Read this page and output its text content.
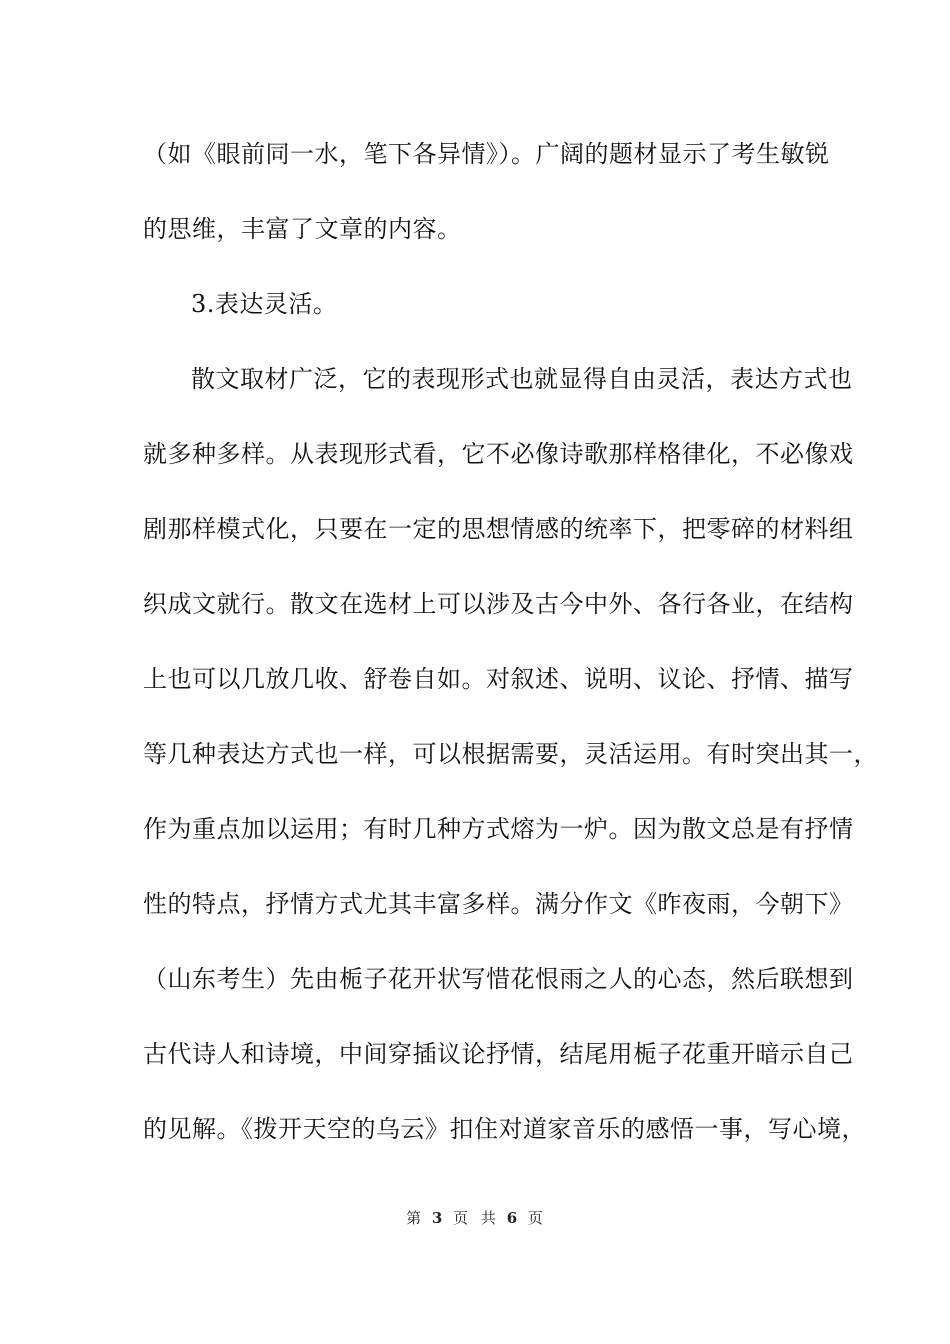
（如《眼前同一水，笔下各异情》）。广阔的题材显示了考生敏锐
的思维，丰富了文章的内容。
3.表达灵活。
散文取材广泛，它的表现形式也就显得自由灵活，表达方式也
就多种多样。从表现形式看，它不必像诗歌那样格律化，不必像戏
剧那样模式化，只要在一定的思想情感的统率下，把零碎的材料组
织成文就行。散文在选材上可以涉及古今中外、各行各业，在结构
上也可以几放几收、舒卷自如。对叙述、说明、议论、抒情、描写
等几种表达方式也一样，可以根据需要，灵活运用。有时突出其一，
作为重点加以运用；有时几种方式熔为一炉。因为散文总是有抒情
性的特点，抒情方式尤其丰富多样。满分作文《昨夜雨，今朝下》
（山东考生）先由栀子花开状写惜花恨雨之人的心态，然后联想到
古代诗人和诗境，中间穿插议论抒情，结尾用栀子花重开暗示自己
的见解。《拨开天空的乌云》扣住对道家音乐的感悟一事，写心境，
第 3 页 共 6 页
